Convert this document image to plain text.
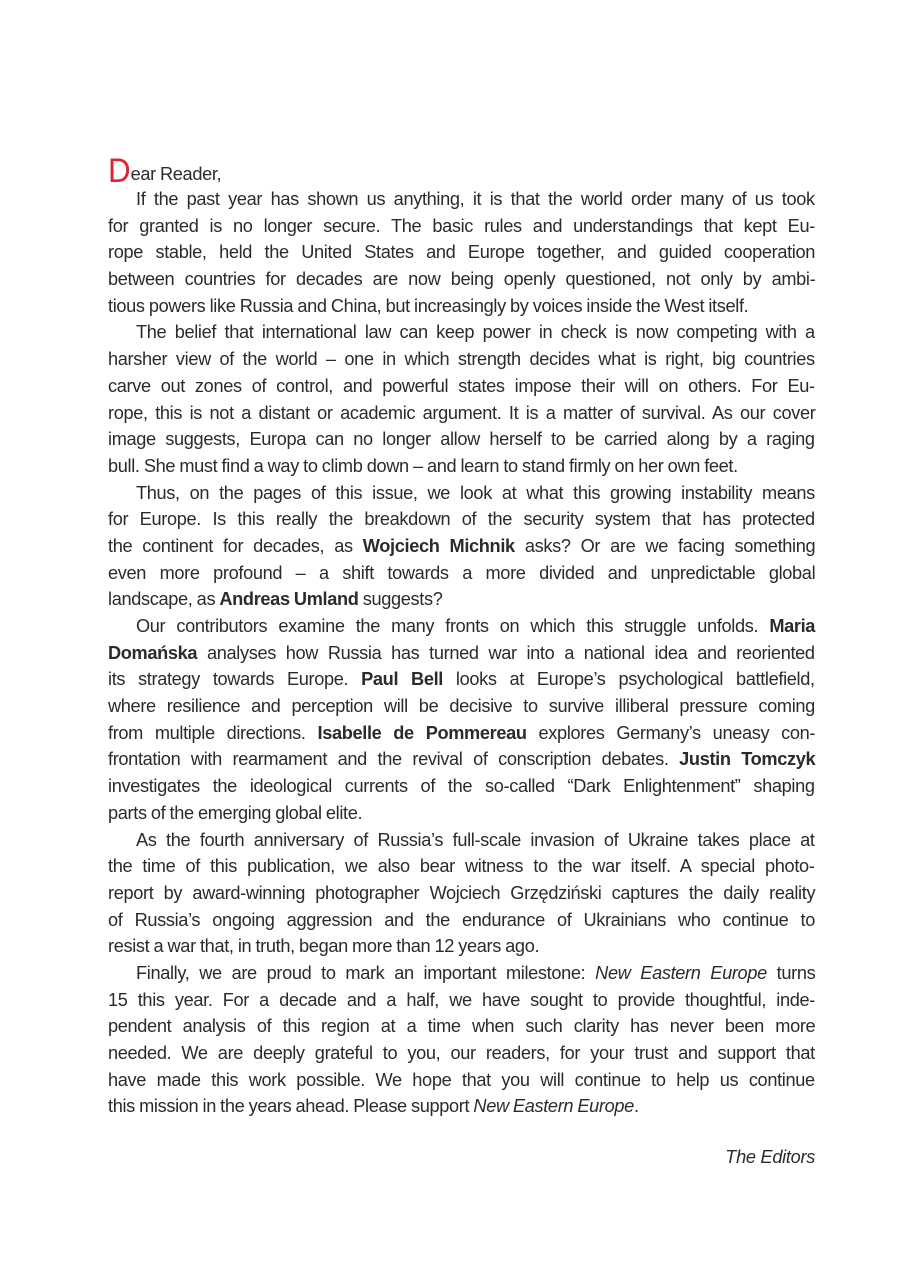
Dear Reader,
If the past year has shown us anything, it is that the world order many of us took
for granted is no longer secure. The basic rules and understandings that kept Eu-
rope stable, held the United States and Europe together, and guided cooperation
between countries for decades are now being openly questioned, not only by ambi-
tious powers like Russia and China, but increasingly by voices inside the West itself.
The belief that international law can keep power in check is now competing with a
harsher view of the world – one in which strength decides what is right, big countries
carve out zones of control, and powerful states impose their will on others. For Eu-
rope, this is not a distant or academic argument. It is a matter of survival. As our cover
image suggests, Europa can no longer allow herself to be carried along by a raging
bull. She must find a way to climb down – and learn to stand firmly on her own feet.
Thus, on the pages of this issue, we look at what this growing instability means
for Europe. Is this really the breakdown of the security system that has protected
the continent for decades, as Wojciech Michnik asks? Or are we facing something
even more profound – a shift towards a more divided and unpredictable global
landscape, as Andreas Umland suggests?
Our contributors examine the many fronts on which this struggle unfolds. Maria
Domańska analyses how Russia has turned war into a national idea and reoriented
its strategy towards Europe. Paul Bell looks at Europe’s psychological battlefield,
where resilience and perception will be decisive to survive illiberal pressure coming
from multiple directions. Isabelle de Pommereau explores Germany’s uneasy con-
frontation with rearmament and the revival of conscription debates. Justin Tomczyk
investigates the ideological currents of the so-called “Dark Enlightenment” shaping
parts of the emerging global elite.
As the fourth anniversary of Russia’s full-scale invasion of Ukraine takes place at
the time of this publication, we also bear witness to the war itself. A special photo-
report by award-winning photographer Wojciech Grzędziński captures the daily reality
of Russia’s ongoing aggression and the endurance of Ukrainians who continue to
resist a war that, in truth, began more than 12 years ago.
Finally, we are proud to mark an important milestone: New Eastern Europe turns
15 this year. For a decade and a half, we have sought to provide thoughtful, inde-
pendent analysis of this region at a time when such clarity has never been more
needed. We are deeply grateful to you, our readers, for your trust and support that
have made this work possible. We hope that you will continue to help us continue
this mission in the years ahead. Please support New Eastern Europe.
The Editors
